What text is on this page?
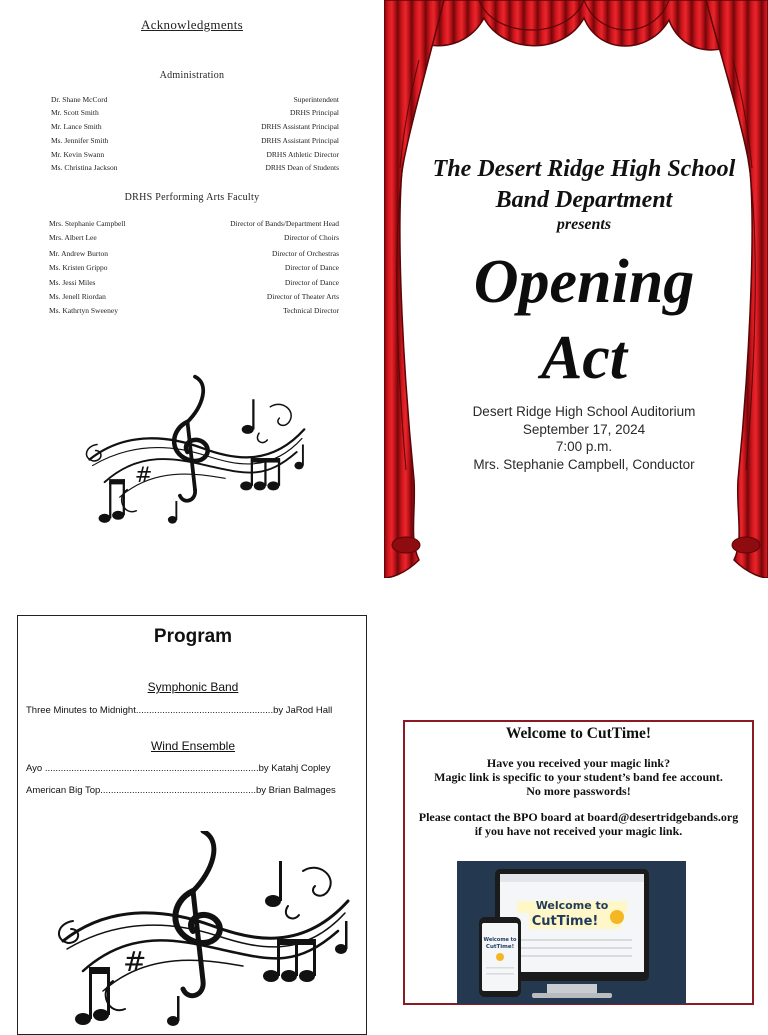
Acknowledgments
Administration
Dr. Shane McCord	Superintendent
Mr. Scott Smith	DRHS Principal
Mr. Lance Smith	DRHS Assistant Principal
Ms. Jennifer Smith	DRHS Assistant Principal
Mr. Kevin Swann	DRHS Athletic Director
Ms. Christina Jackson	DRHS Dean of Students
DRHS Performing Arts Faculty
Mrs. Stephanie Campbell	Director of Bands/Department Head
Mrs. Albert Lee	Director of Choirs
Mr. Andrew Burton	Director of Orchestras
Ms. Kristen Grippo	Director of Dance
Ms. Jessi Miles	Director of Dance
Ms. Jenell Riordan	Director of Theater Arts
Ms. Kathrtyn Sweeney	Technical Director
#
The Desert Ridge High School
Band Department
presents
Opening
Act
Desert Ridge High School Auditorium
September 17, 2024
7:00 p.m.
Mrs. Stephanie Campbell, Conductor
Program
Symphonic Band
Three Minutes to Midnight....................................................by JaRod Hall
Wind Ensemble
Ayo .................................................................................by Katahj Copley
American Big Top...........................................................by Brian Balmages
#
Welcome to CutTime!
Have you received your magic link?
Magic link is specific to your student’s band fee account.
No more passwords!
Please contact the BPO board at board@desertridgebands.org
if you have not received your magic link.
Welcome to
CutTime!
Welcome to
CutTime!
